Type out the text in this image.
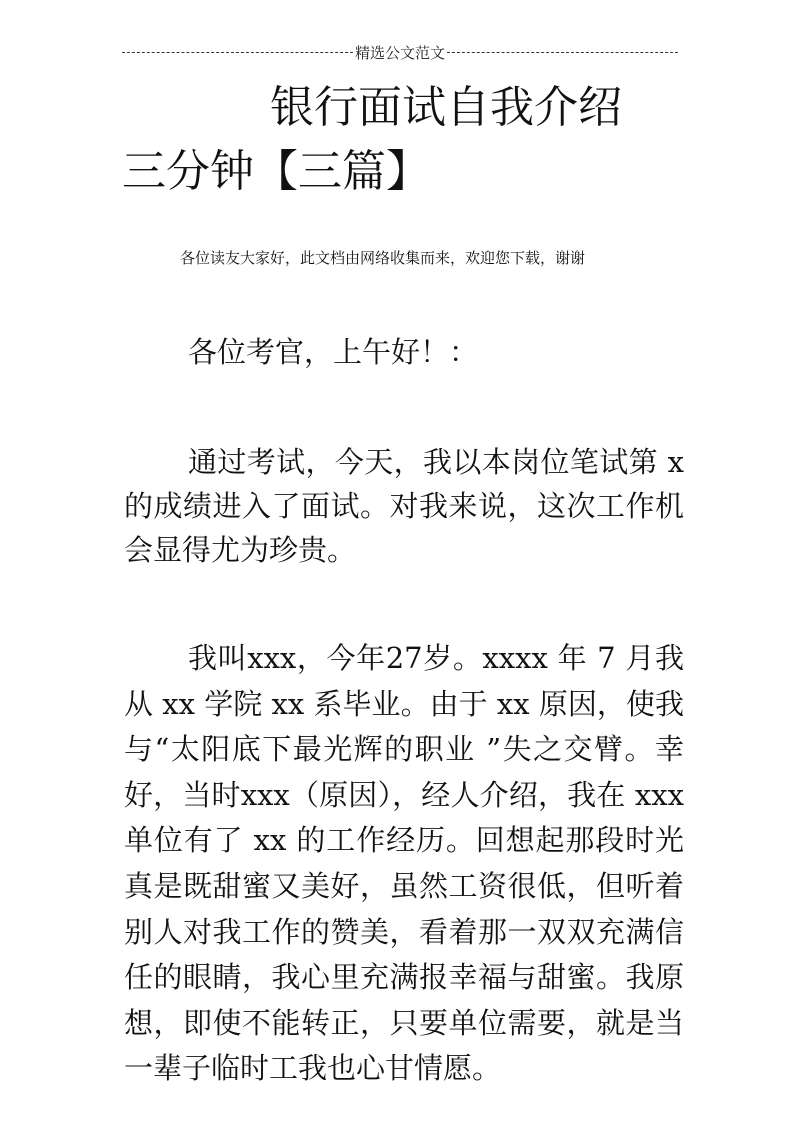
精选公文范文
银行面试自我介绍
三分钟【三篇】
各位读友大家好，此文档由网络收集而来，欢迎您下载，谢谢
各位考官，上午好！：

通过考试，今天，我以本岗位笔试第 x 的成绩进入了面试。对我来说，这次工作机会显得尤为珍贵。

我叫xxx，今年27岁。xxxx 年 7 月我从 xx 学院 xx 系毕业。由于 xx 原因，使我与“太阳底下最光辉的职业 ”失之交臂。幸好，当时xxx（原因），经人介绍，我在 xxx 单位有了 xx 的工作经历。回想起那段时光真是既甜蜜又美好，虽然工资很低，但听着别人对我工作的赞美，看着那一双双充满信任的眼睛，我心里充满报幸福与甜蜜。我原想，即使不能转正，只要单位需要，就是当一辈子临时工我也心甘情愿。
